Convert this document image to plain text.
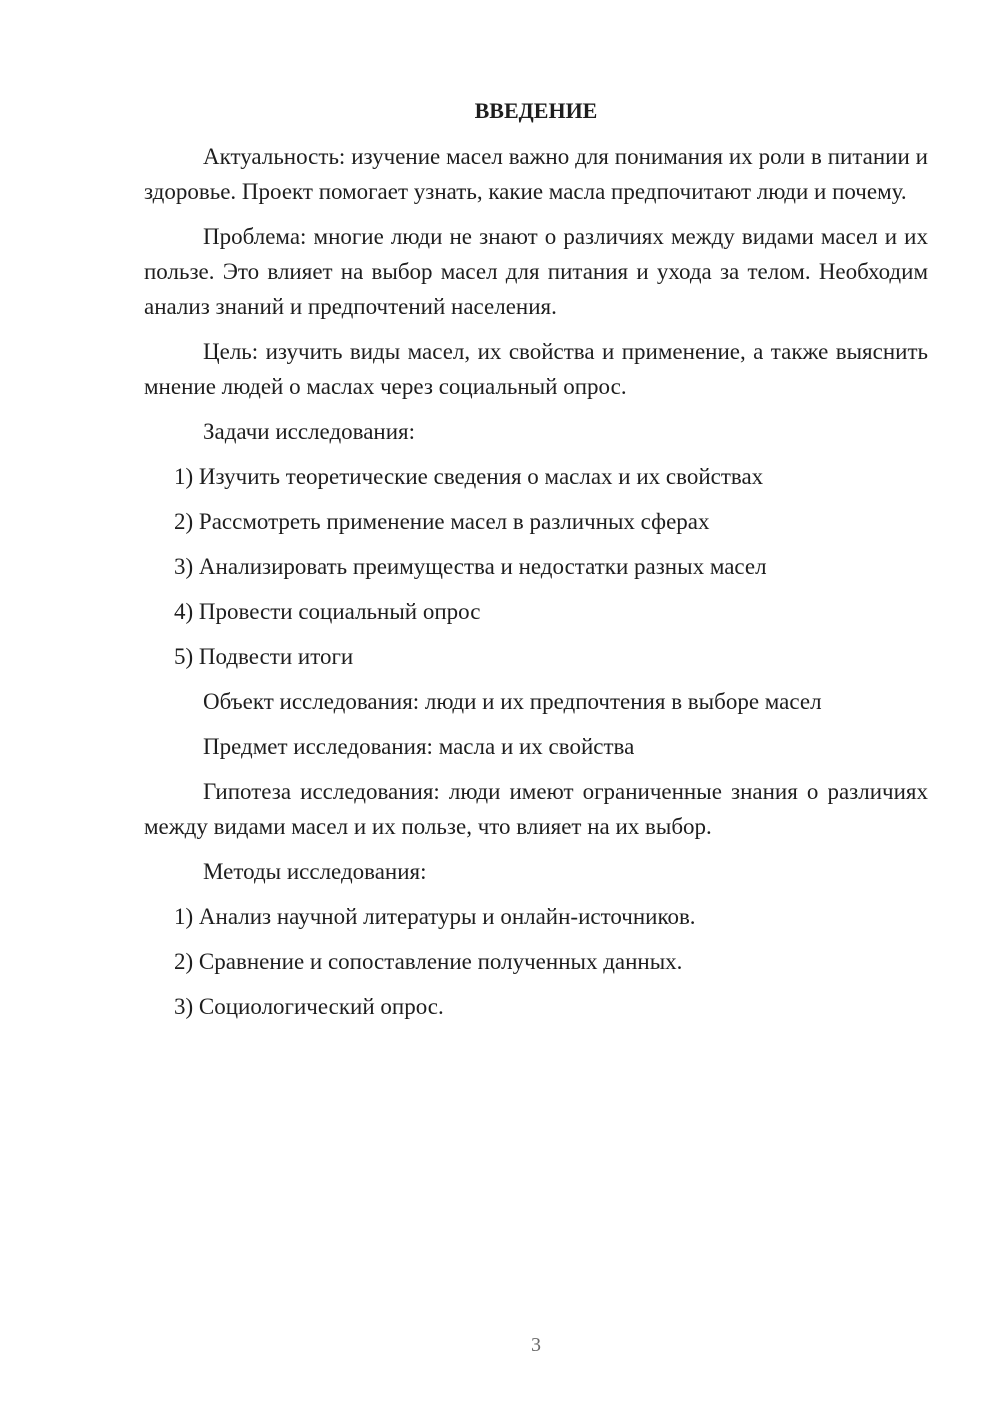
ВВЕДЕНИЕ

Актуальность: изучение масел важно для понимания их роли в питании и здоровье. Проект помогает узнать, какие масла предпочитают люди и почему.

Проблема: многие люди не знают о различиях между видами масел и их пользе. Это влияет на выбор масел для питания и ухода за телом. Необходим анализ знаний и предпочтений населения.

Цель: изучить виды масел, их свойства и применение, а также выяснить мнение людей о маслах через социальный опрос.

Задачи исследования:
1) Изучить теоретические сведения о маслах и их свойствах
2) Рассмотреть применение масел в различных сферах
3) Анализировать преимущества и недостатки разных масел
4) Провести социальный опрос
5) Подвести итоги
Объект исследования: люди и их предпочтения в выборе масел
Предмет исследования: масла и их свойства

Гипотеза исследования: люди имеют ограниченные знания о различиях между видами масел и их пользе, что влияет на их выбор.

Методы исследования:
1) Анализ научной литературы и онлайн-источников.
2) Сравнение и сопоставление полученных данных.
3) Социологический опрос.
3
